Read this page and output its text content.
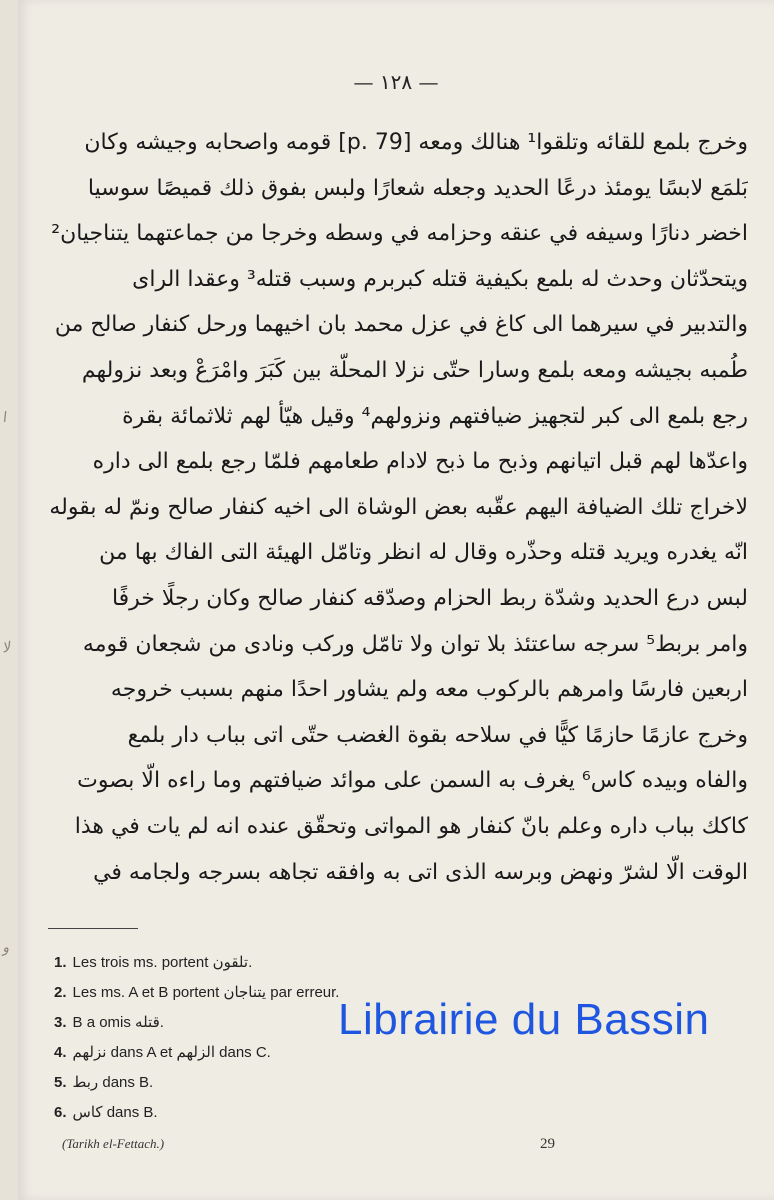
ﺍ
ﻻ
ﻭ
— ١٢٨ —
وخرج بلمع للقائه وتلقوا¹ هنالك ومعه [p. 79] قومه واصحابه وجيشه وكان
بَلمَع لابسًا يومئذ درعًا الحديد وجعله شعارًا ولبس بفوق ذلك قميصًا سوسيا
اخضر دنارًا وسيفه في عنقه وحزامه في وسطه وخرجا من جماعتهما يتناجيان²
ويتحدّثان وحدث له بلمع بكيفية قتله كبربرم وسبب قتله³ وعقدا الراى
والتدبير في سيرهما الى كاغ في عزل محمد بان اخيهما ورحل كنفار صالح من
طُمبه بجيشه ومعه بلمع وسارا حتّى نزلا المحلّة بين كَبَرَ وامْرَعْ وبعد نزولهم
رجع بلمع الى كبر لتجهيز ضيافتهم ونزولهم⁴ وقيل هيّأ لهم ثلاثمائة بقرة
واعدّها لهم قبل اتيانهم وذبح ما ذبح لادام طعامهم فلمّا رجع بلمع الى داره
لاخراج تلك الضيافة اليهم عقّبه بعض الوشاة الى اخيه كنفار صالح ونمّ له بقوله
انّه يغدره ويريد قتله وحذّره وقال له انظر وتامّل الهيئة التى الفاك بها من
لبس درع الحديد وشدّة ربط الحزام وصدّقه كنفار صالح وكان رجلًا خرفًا
وامر بربط⁵ سرجه ساعتئذ بلا توان ولا تامّل وركب ونادى من شجعان قومه
اربعين فارسًا وامرهم بالركوب معه ولم يشاور احدًا منهم بسبب خروجه
وخرج عازمًا حازمًا كيًّا في سلاحه بقوة الغضب حتّى اتى بباب دار بلمع
والفاه وبيده كاس⁶ يغرف به السمن على موائد ضيافتهم وما راءه الّا بصوت
كاكك بباب داره وعلم بانّ كنفار هو المواتى وتحقّق عنده انه لم يات في هذا
الوقت الّا لشرّ ونهض وبرسه الذى اتى به وافقه تجاهه بسرجه ولجامه في
1. Les trois ms. portent تلقون.
2. Les ms. A et B portent يتناجان par erreur.
3. B a omis قتله.
4. نزلهم dans A et الزلهم dans C.
5. ربط dans B.
6. كاس dans B.
(Tarikh el-Fettach.)	29
Librairie du Bassin
